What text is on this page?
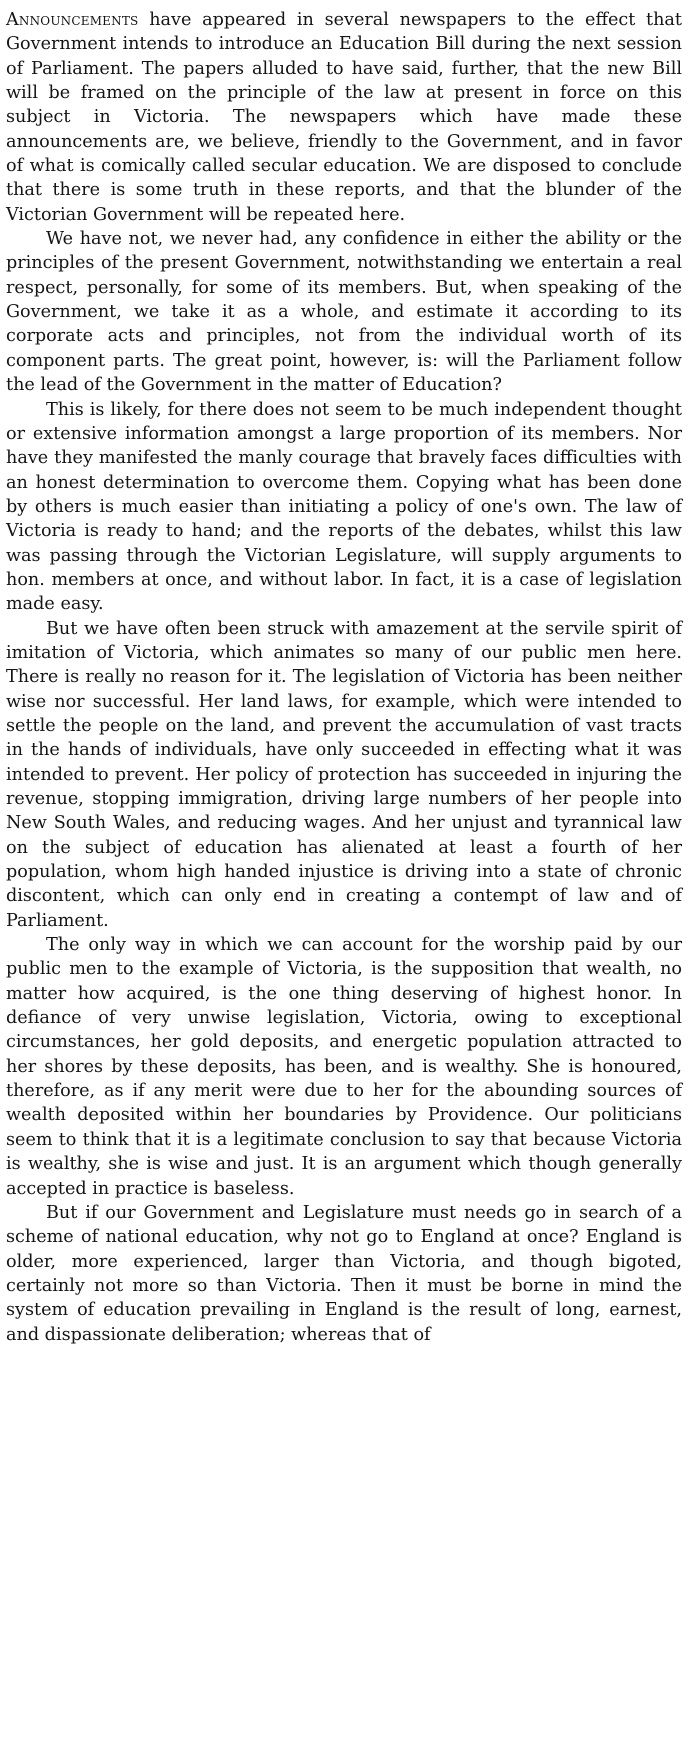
Announcements have appeared in several newspapers to the effect that Government intends to introduce an Education Bill during the next session of Parliament. The papers alluded to have said, further, that the new Bill will be framed on the principle of the law at present in force on this subject in Victoria. The newspapers which have made these announcements are, we believe, friendly to the Government, and in favor of what is comically called secular education. We are disposed to conclude that there is some truth in these reports, and that the blunder of the Victorian Government will be repeated here.

We have not, we never had, any confidence in either the ability or the principles of the present Government, notwithstanding we entertain a real respect, personally, for some of its members. But, when speaking of the Government, we take it as a whole, and estimate it according to its corporate acts and principles, not from the individual worth of its component parts. The great point, however, is: will the Parliament follow the lead of the Government in the matter of Education?

This is likely, for there does not seem to be much independent thought or extensive information amongst a large proportion of its members. Nor have they manifested the manly courage that bravely faces difficulties with an honest determination to overcome them. Copying what has been done by others is much easier than initiating a policy of one's own. The law of Victoria is ready to hand; and the reports of the debates, whilst this law was passing through the Victorian Legislature, will supply arguments to hon. members at once, and without labor. In fact, it is a case of legislation made easy.

But we have often been struck with amazement at the servile spirit of imitation of Victoria, which animates so many of our public men here. There is really no reason for it. The legislation of Victoria has been neither wise nor successful. Her land laws, for example, which were intended to settle the people on the land, and prevent the accumulation of vast tracts in the hands of individuals, have only succeeded in effecting what it was intended to prevent. Her policy of protection has succeeded in injuring the revenue, stopping immigration, driving large numbers of her people into New South Wales, and reducing wages. And her unjust and tyrannical law on the subject of education has alienated at least a fourth of her population, whom high handed injustice is driving into a state of chronic discontent, which can only end in creating a contempt of law and of Parliament.

The only way in which we can account for the worship paid by our public men to the example of Victoria, is the supposition that wealth, no matter how acquired, is the one thing deserving of highest honor. In defiance of very unwise legislation, Victoria, owing to exceptional circumstances, her gold deposits, and energetic population attracted to her shores by these deposits, has been, and is wealthy. She is honoured, therefore, as if any merit were due to her for the abounding sources of wealth deposited within her boundaries by Providence. Our politicians seem to think that it is a legitimate conclusion to say that because Victoria is wealthy, she is wise and just. It is an argument which though generally accepted in practice is baseless.

But if our Government and Legislature must needs go in search of a scheme of national education, why not go to England at once? England is older, more experienced, larger than Victoria, and though bigoted, certainly not more so than Victoria. Then it must be borne in mind the system of education prevailing in England is the result of long, earnest, and dispassionate deliberation; whereas that of
